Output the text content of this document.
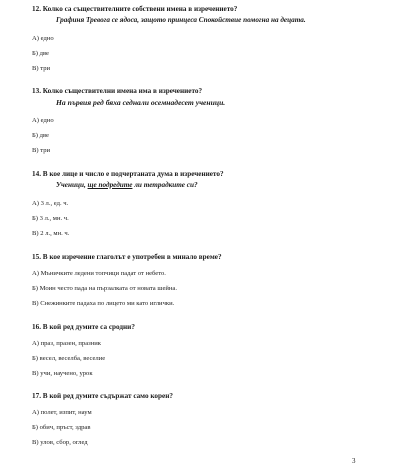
12. Колко са съществителните собствени имена в изречението?
Графиня Тревога се ядоса, защото принцеса Спокойствие помогна на децата.
А) едно
Б) две
В) три
13. Колко съществителни имена има в изречението?
На първия ред бяха седнали осемнадесет ученици.
А) едно
Б) две
В) три
14. В кое лице и число е подчертаната дума в изречението?
Ученици, ще подредите ли тетрадките си?
А) 3 л., ед. ч.
Б) 3 л., мн. ч.
В) 2 л., мн. ч.
15. В кое изречение глаголът е употребен в минало време?
А) Мъничките ледени топчици падат от небето.
Б) Моин често пада на пързалката от новата шейна.
В) Снежинките падаха по лицето ми като иглички.
16. В кой ред думите са сродни?
А) праз, празен, празник
Б) весел, веселба, веселие
В) учи, научено, урок
17. В кой ред думите съдържат само корен?
А) полет, изпит, наум
Б) обич, пръст, здрав
В) улов, сбор, оглед
3
